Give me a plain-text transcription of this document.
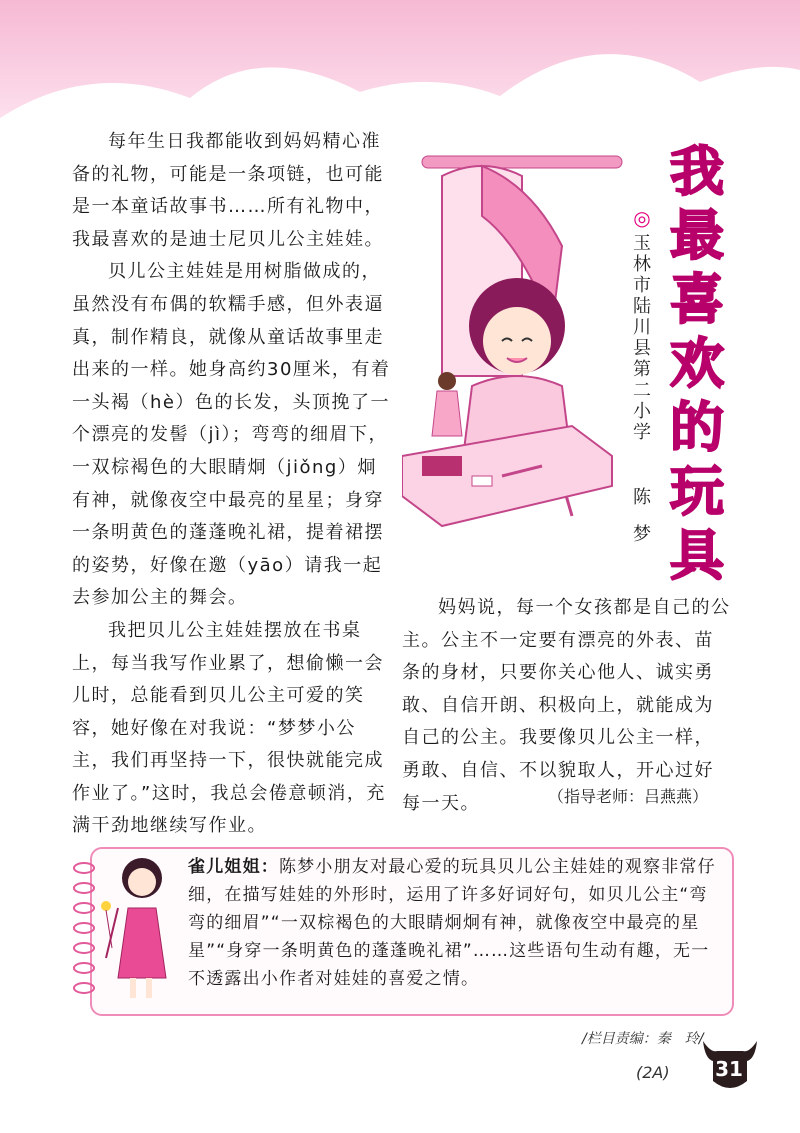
每年生日我都能收到妈妈精心准备的礼物，可能是一条项链，也可能是一本童话故事书……所有礼物中，我最喜欢的是迪士尼贝儿公主娃娃。

贝儿公主娃娃是用树脂做成的，虽然没有布偶的软糯手感，但外表逼真，制作精良，就像从童话故事里走出来的一样。她身高约30厘米，有着一头褐（hè）色的长发，头顶挽了一个漂亮的发髻（jì）；弯弯的细眉下，一双棕褐色的大眼睛炯（jiǒng）炯有神，就像夜空中最亮的星星；身穿一条明黄色的蓬蓬晚礼裙，提着裙摆的姿势，好像在邀（yāo）请我一起去参加公主的舞会。

我把贝儿公主娃娃摆放在书桌上，每当我写作业累了，想偷懒一会儿时，总能看到贝儿公主可爱的笑容，她好像在对我说：“梦梦小公主，我们再坚持一下，很快就能完成作业了。”这时，我总会倦意顿消，充满干劲地继续写作业。

我
最
喜
欢
的
玩
具
◎
玉
林
市
陆
川
县
第
二
小
学
陈
梦

妈妈说，每一个女孩都是自己的公主。公主不一定要有漂亮的外表、苗条的身材，只要你关心他人、诚实勇敢、自信开朗、积极向上，就能成为自己的公主。我要像贝儿公主一样，勇敢、自信、不以貌取人，开心过好每一天。	（指导老师：吕燕燕）
雀儿姐姐：陈梦小朋友对最心爱的玩具贝儿公主娃娃的观察非常仔细，在描写娃娃的外形时，运用了许多好词好句，如贝儿公主“弯弯的细眉”“一双棕褐色的大眼睛炯炯有神，就像夜空中最亮的星星”“身穿一条明黄色的蓬蓬晚礼裙”……这些语句生动有趣，无一不透露出小作者对娃娃的喜爱之情。
/栏目责编：秦　玲/
(2A)	31
